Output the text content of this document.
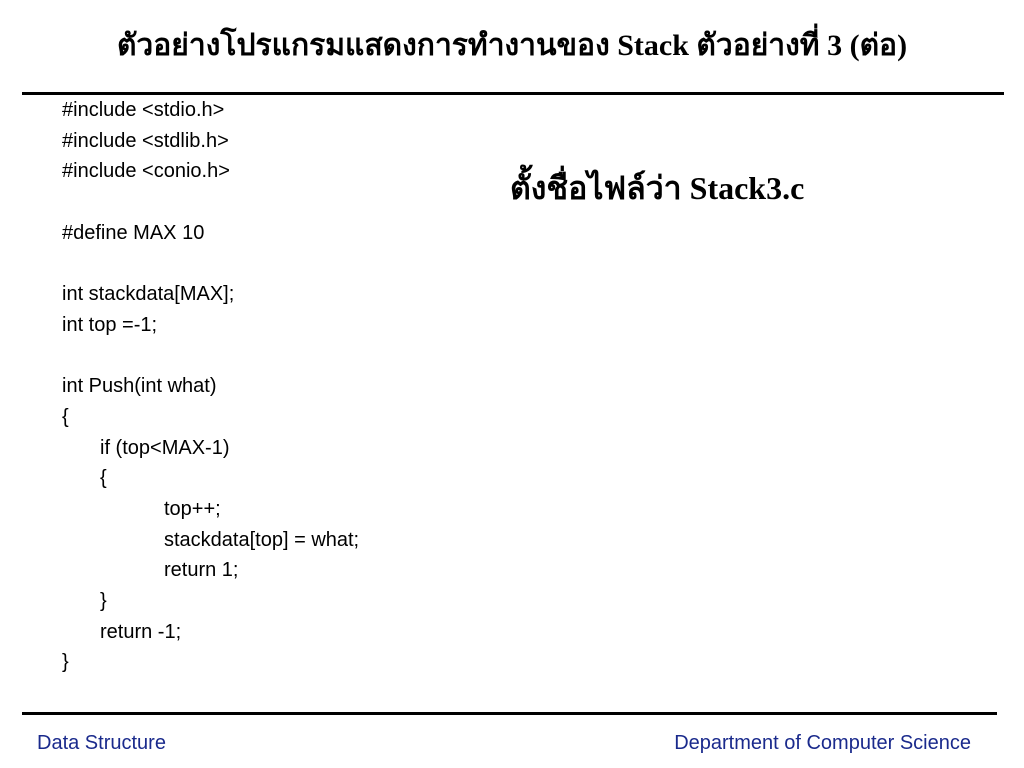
ตัวอย่างโปรแกรมแสดงการทำงานของ Stack ตัวอย่างที่ 3 (ต่อ)
#include <stdio.h>
#include <stdlib.h>
#include <conio.h>
#define MAX 10
int stackdata[MAX];
int top =-1;
int Push(int what)
{
if (top<MAX-1)
{
top++;
stackdata[top] = what;
return 1;
}
return -1;
}
ตั้งชื่อไฟล์ว่า Stack3.c
Data Structure	Department of Computer Science
